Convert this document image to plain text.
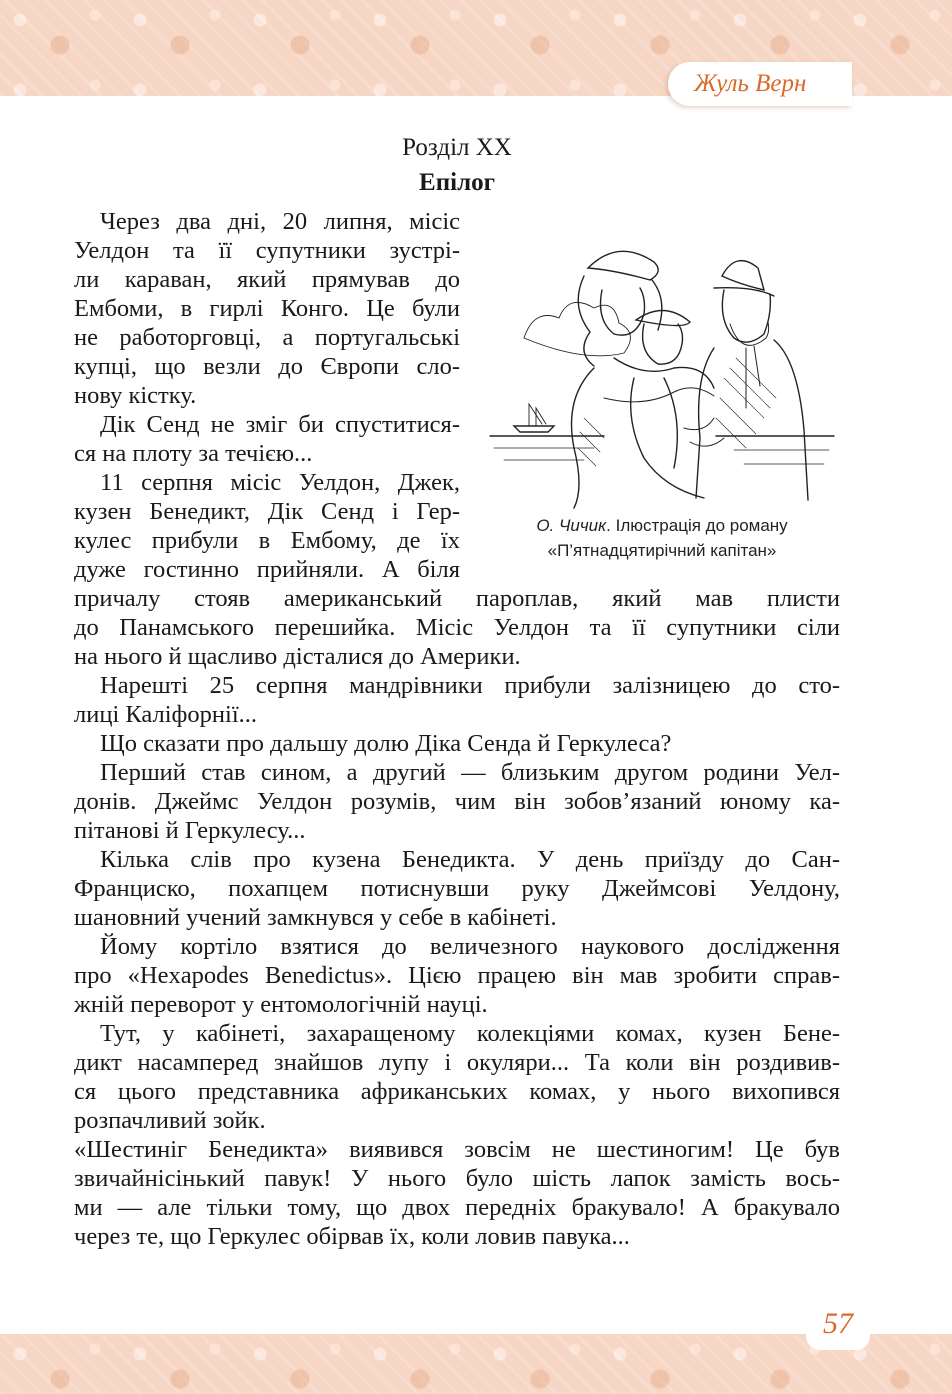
Жуль Верн
57
Розділ XX
Епілог
О. Чичик. Ілюстрація до роману
«П’ятнадцятирічний капітан»
Через два дні, 20 липня, місіс
Уелдон та її супутники зустрі-
ли караван, який прямував до
Ембоми, в гирлі Конго. Це були
не работорговці, а португальські
купці, що везли до Європи сло-
нову кістку.
Дік Сенд не зміг би спуститися-
ся на плоту за течією...
11 серпня місіс Уелдон, Джек,
кузен Бенедикт, Дік Сенд і Гер-
кулес прибули в Ембому, де їх
дуже гостинно прийняли. А біля
причалу стояв американський пароплав, який мав плисти
до Панамського перешийка. Місіс Уелдон та її супутники сіли
на нього й щасливо дісталися до Америки.
Нарешті 25 серпня мандрівники прибули залізницею до сто-
лиці Каліфорнії...
Що сказати про дальшу долю Діка Сенда й Геркулеса?
Перший став сином, а другий — близьким другом родини Уел-
донів. Джеймс Уелдон розумів, чим він зобов’язаний юному ка-
пітанові й Геркулесу...
Кілька слів про кузена Бенедикта. У день приїзду до Сан-
Франциско, похапцем потиснувши руку Джеймсові Уелдону,
шановний учений замкнувся у себе в кабінеті.
Йому кортіло взятися до величезного наукового дослідження
про «Hexapodes Benedictus». Цією працею він мав зробити справ-
жній переворот у ентомологічній науці.
Тут, у кабінеті, захаращеному колекціями комах, кузен Бене-
дикт насамперед знайшов лупу і окуляри... Та коли він роздивив-
ся цього представника африканських комах, у нього вихопився
розпачливий зойк.
«Шестиніг Бенедикта» виявився зовсім не шестиногим! Це був
звичайнісінький павук! У нього було шість лапок замість вось-
ми — але тільки тому, що двох передніх бракувало! А бракувало
через те, що Геркулес обірвав їх, коли ловив павука...
